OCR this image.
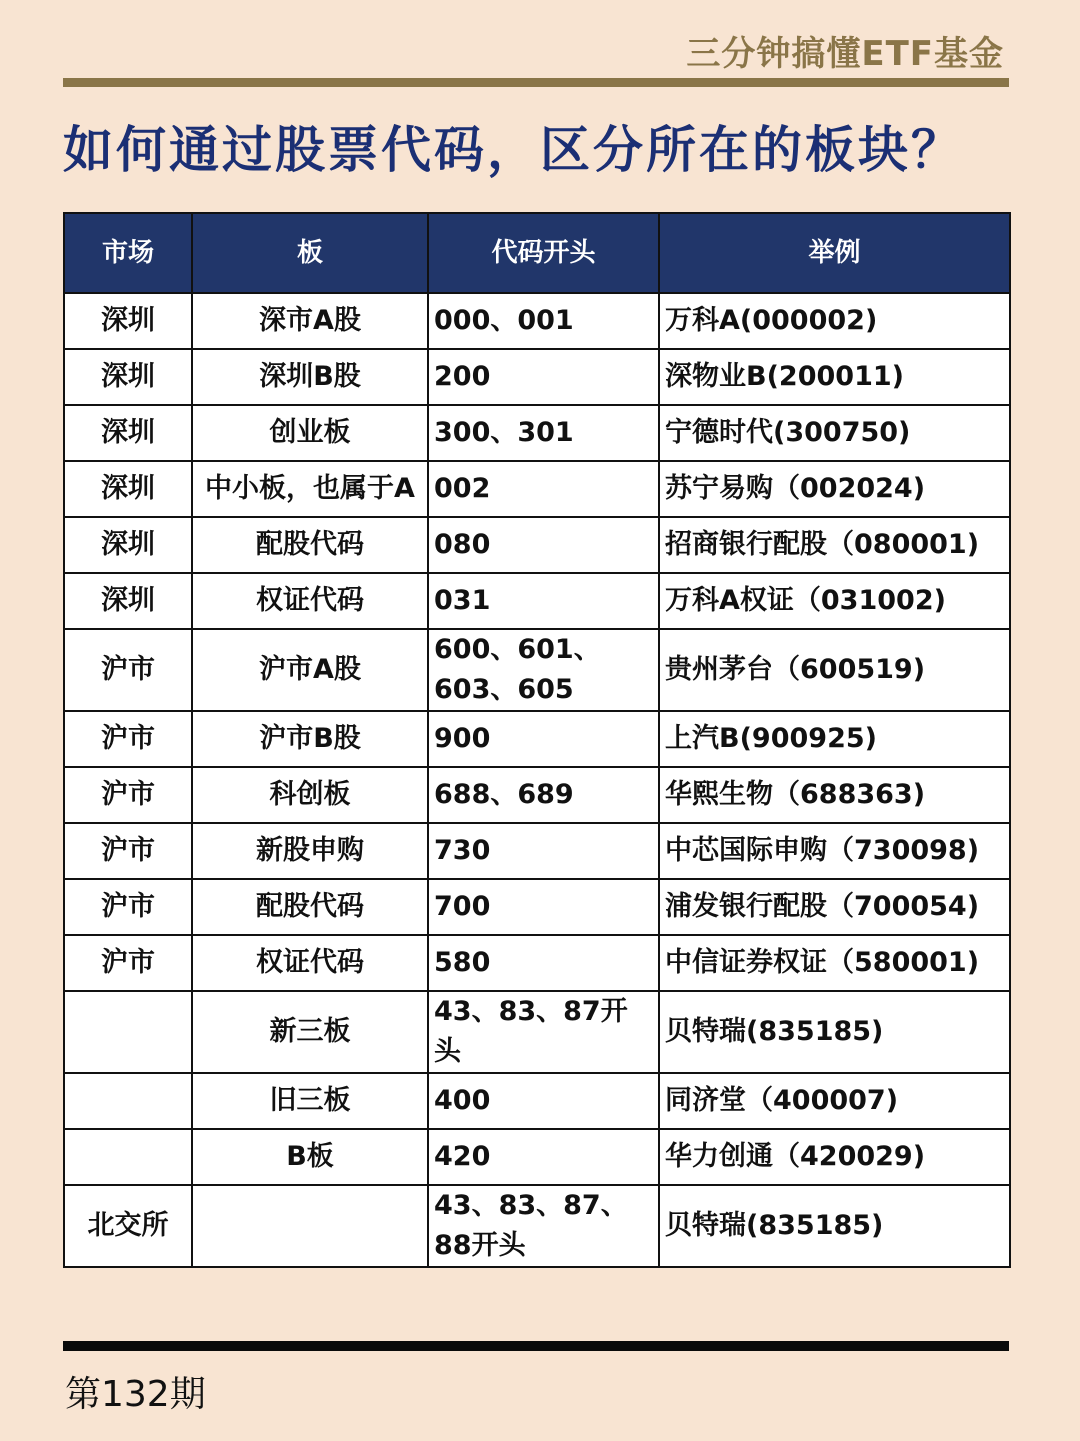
三分钟搞懂ETF基金
如何通过股票代码，区分所在的板块？
市场	板	代码开头	举例
深圳	深市A股	000、001	万科A(000002)
深圳	深圳B股	200	深物业B(200011)
深圳	创业板	300、301	宁德时代(300750)
深圳	中小板，也属于A	002	苏宁易购（002024)
深圳	配股代码	080	招商银行配股（080001)
深圳	权证代码	031	万科A权证（031002)
沪市	沪市A股	600、601、603、605	贵州茅台（600519)
沪市	沪市B股	900	上汽B(900925)
沪市	科创板	688、689	华熙生物（688363)
沪市	新股申购	730	中芯国际申购（730098)
沪市	配股代码	700	浦发银行配股（700054)
沪市	权证代码	580	中信证券权证（580001)
	新三板	43、83、87开头	贝特瑞(835185)
	旧三板	400	同济堂（400007)
	B板	420	华力创通（420029)
北交所		43、83、87、88开头	贝特瑞(835185)
第132期
